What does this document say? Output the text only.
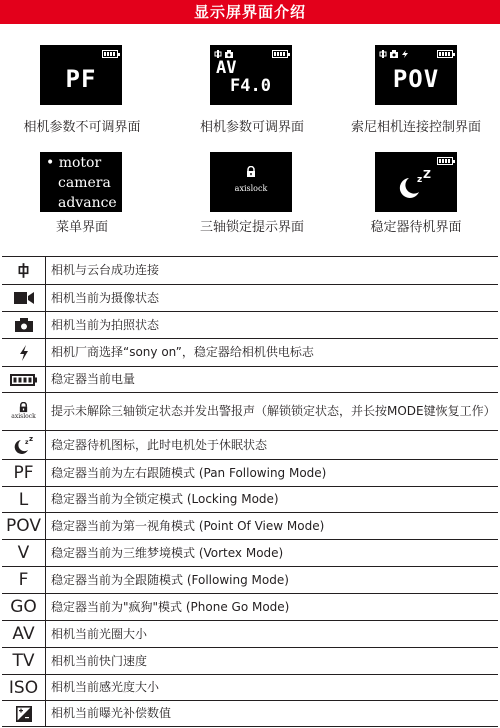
显示屏界面介绍
PF
相机参数不可调界面
AV
F4.0
相机参数可调界面
POV
索尼相机连接控制界面
• motor
camera
advance
菜单界面
axislock
三轴锁定提示界面
z Z
稳定器待机界面
相机与云台成功连接
相机当前为摄像状态
相机当前为拍照状态
相机厂商选择“sony on”，稳定器给相机供电标志
稳定器当前电量
axislock 提示未解除三轴锁定状态并发出警报声（解锁锁定状态，并长按MODE键恢复工作）
z z 稳定器待机图标，此时电机处于休眠状态
PF	稳定器当前为左右跟随模式 (Pan Following Mode)
L	稳定器当前为全锁定模式 (Locking Mode)
POV 稳定器当前为第一视角模式 (Point Of View Mode)
V	稳定器当前为三维梦境模式 (Vortex Mode)
F	稳定器当前为全跟随模式 (Following Mode)
GO	稳定器当前为"疯狗"模式 (Phone Go Mode)
AV	相机当前光圈大小
TV	相机当前快门速度
ISO	相机当前感光度大小
相机当前曝光补偿数值
